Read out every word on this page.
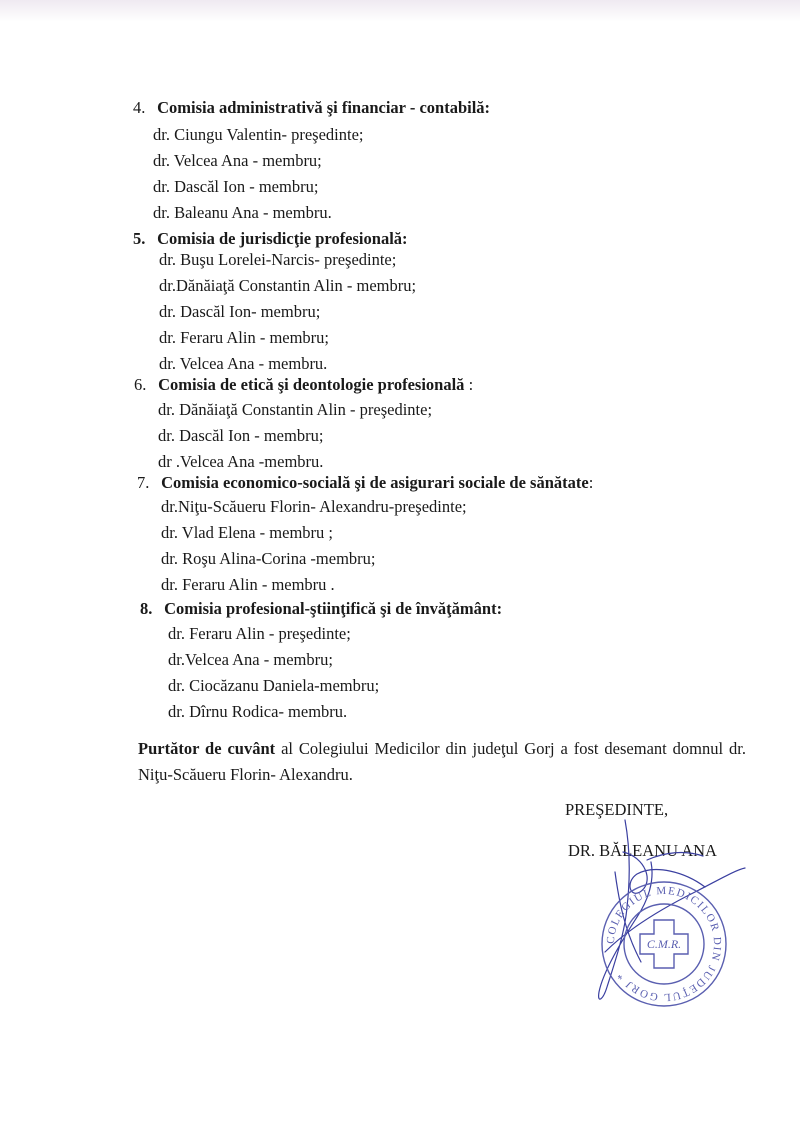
4. Comisia administrativă şi financiar - contabilă:
dr. Ciungu Valentin- preşedinte;
dr. Velcea Ana - membru;
dr. Dascăl Ion - membru;
dr. Baleanu Ana - membru.
5. Comisia de jurisdicţie profesională:
dr. Buşu Lorelei-Narcis- preşedinte;
dr.Dănăiaţă Constantin Alin - membru;
dr. Dascăl Ion- membru;
dr. Feraru Alin - membru;
dr. Velcea Ana - membru.
6. Comisia de etică şi deontologie profesională :
dr. Dănăiaţă Constantin Alin - preşedinte;
dr. Dascăl Ion - membru;
dr .Velcea Ana -membru.
7. Comisia economico-socială şi de asigurari sociale de sănătate:
dr.Niţu-Scăueru Florin- Alexandru-preşedinte;
dr. Vlad Elena - membru ;
dr. Roşu Alina-Corina -membru;
dr. Feraru Alin - membru .
8. Comisia profesional-ştiinţifică şi de învăţământ:
dr. Feraru Alin - preşedinte;
dr.Velcea Ana - membru;
dr. Ciocăzanu Daniela-membru;
dr. Dîrnu Rodica- membru.
Purtător de cuvânt al Colegiului Medicilor din judeţul Gorj a fost desemant domnul dr. Niţu-Scăueru Florin- Alexandru.
PREŞEDINTE,
DR. BĂLEANU ANA
COLEGIUL MEDICILOR DIN JUDEŢUL GORJ *
C.M.R.
